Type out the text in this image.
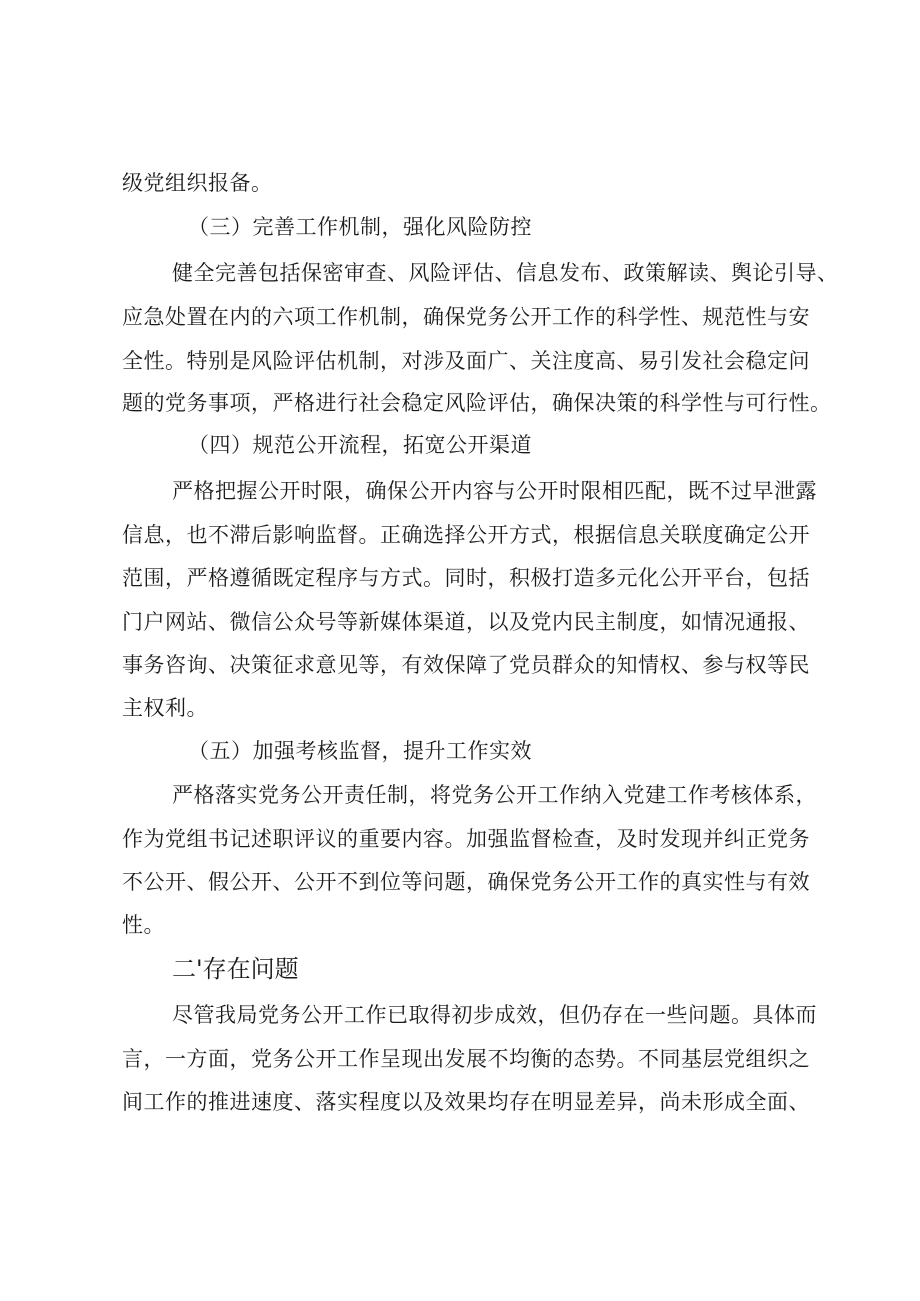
级党组织报备。
（三）完善工作机制，强化风险防控
健全完善包括保密审查、风险评估、信息发布、政策解读、舆论引导、
应急处置在内的六项工作机制，确保党务公开工作的科学性、规范性与安
全性。特别是风险评估机制，对涉及面广、关注度高、易引发社会稳定问
题的党务事项，严格进行社会稳定风险评估，确保决策的科学性与可行性。
（四）规范公开流程，拓宽公开渠道
严格把握公开时限，确保公开内容与公开时限相匹配，既不过早泄露
信息，也不滞后影响监督。正确选择公开方式，根据信息关联度确定公开
范围，严格遵循既定程序与方式。同时，积极打造多元化公开平台，包括
门户网站、微信公众号等新媒体渠道，以及党内民主制度，如情况通报、
事务咨询、决策征求意见等，有效保障了党员群众的知情权、参与权等民
主权利。
（五）加强考核监督，提升工作实效
严格落实党务公开责任制，将党务公开工作纳入党建工作考核体系，
作为党组书记述职评议的重要内容。加强监督检查，及时发现并纠正党务
不公开、假公开、公开不到位等问题，确保党务公开工作的真实性与有效
性。
二'存在问题
尽管我局党务公开工作已取得初步成效，但仍存在一些问题。具体而
言，一方面，党务公开工作呈现出发展不均衡的态势。不同基层党组织之
间工作的推进速度、落实程度以及效果均存在明显差异，尚未形成全面、
